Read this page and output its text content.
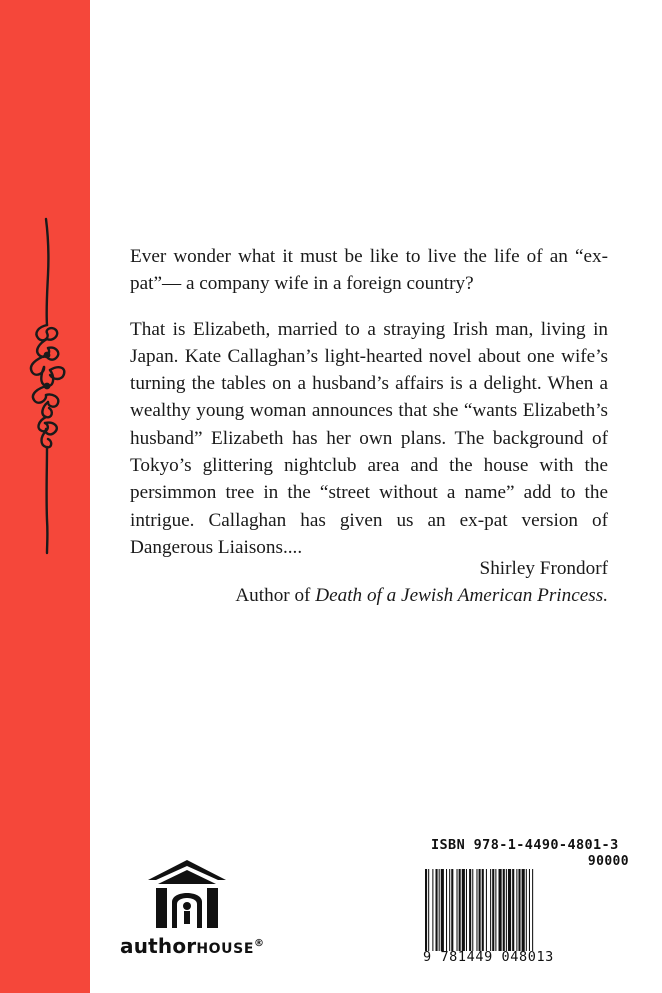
Ever wonder what it must be like to live the life of an “ex-pat”— a company wife in a foreign country?

That is Elizabeth, married to a straying Irish man, living in Japan. Kate Callaghan’s light-hearted novel about one wife’s turning the tables on a husband’s affairs is a delight. When a wealthy young woman announces that she “wants Elizabeth’s husband” Elizabeth has her own plans. The background of Tokyo’s glittering nightclub area and the house with the persimmon tree in the “street without a name” add to the intrigue. Callaghan has given us an ex-pat version of Dangerous Liaisons....

Shirley Frondorf
Author of Death of a Jewish American Princess.
authorHOUSE®
ISBN 978-1-4490-4801-3
90000
9 781449 048013
